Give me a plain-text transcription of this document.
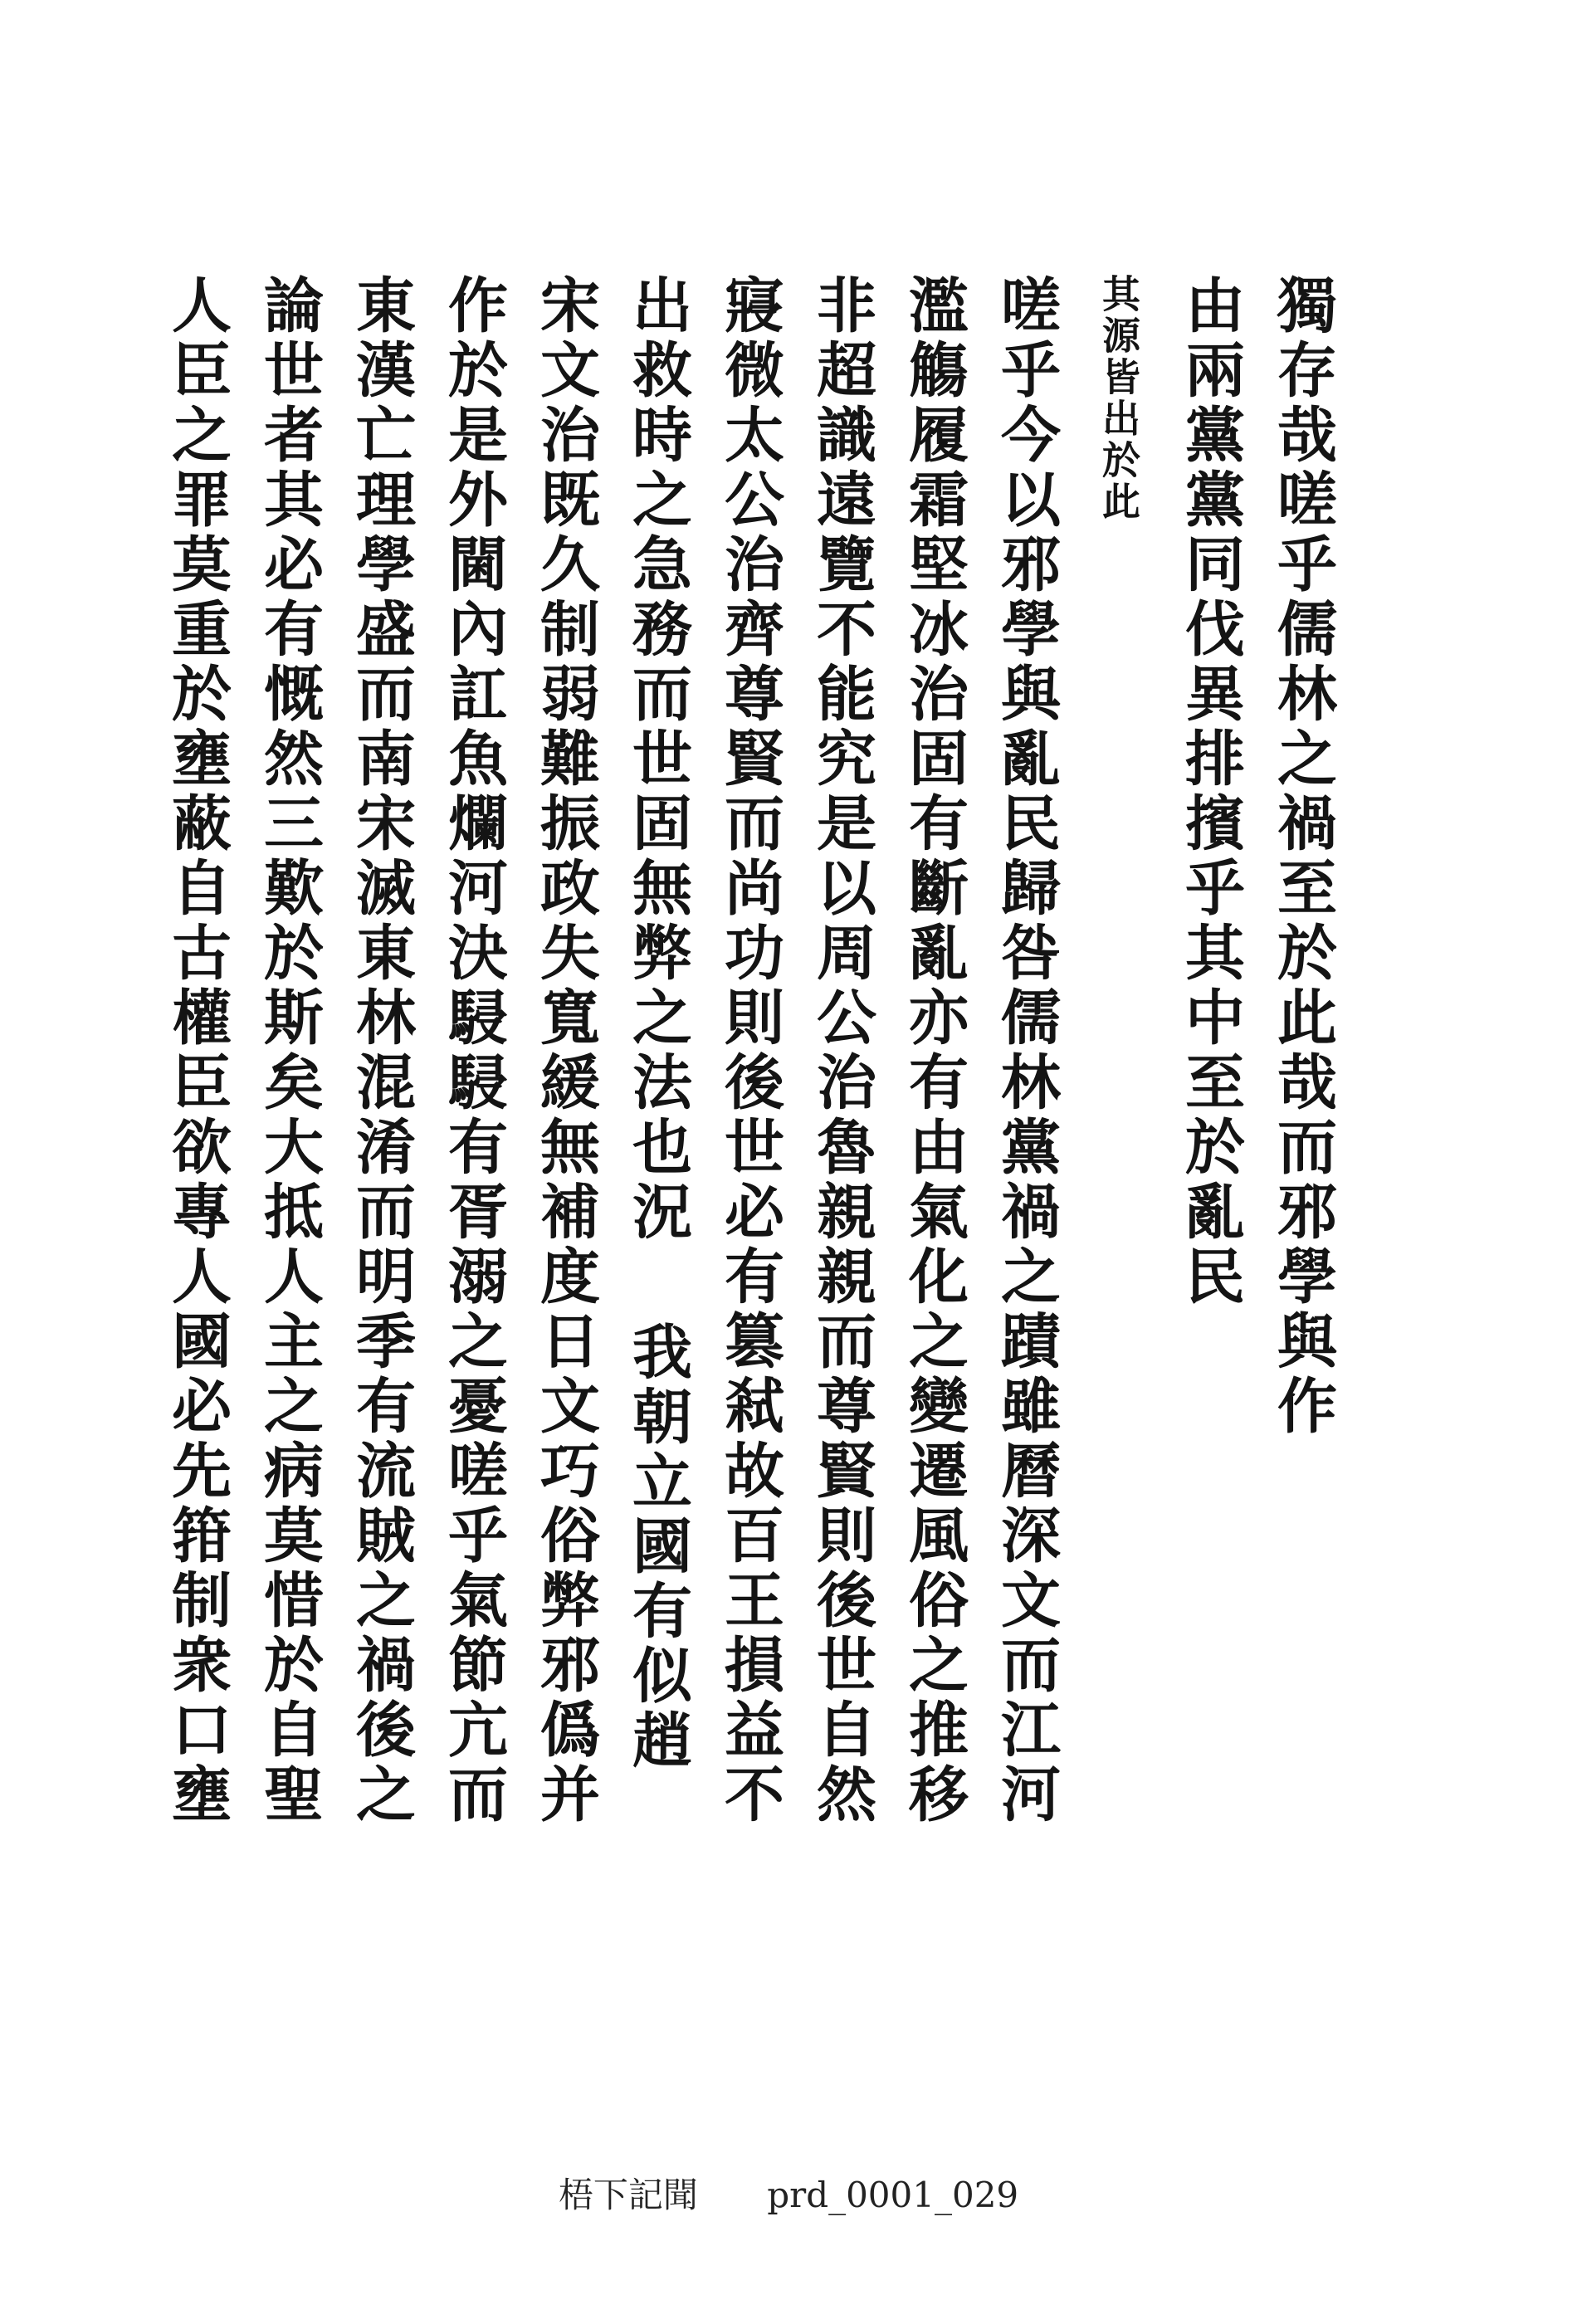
獨存哉嗟乎儒林之禍至於此哉而邪學與作
由兩黨黨同伐異排擯乎其中至於亂民
其源皆出於此
嗟乎今以邪學與亂民歸咎儒林黨禍之蹟雖曆深文而江河
濫觴履霜堅冰治固有斷亂亦有由氣化之變遷風俗之推移
非超識遠覽不能究是以周公治魯親親而尊賢則後世自然
寢微太公治齊尊賢而尚功則後世必有篡弒故百王損益不
出救時之急務而世固無弊之法也況 我朝立國有似趙
宋文治既久制弱難振政失寬緩無補度日文巧俗弊邪僞并
作於是外閫內訌魚爛河決駸駸有胥溺之憂嗟乎氣節亢而
東漢亡理學盛而南宋滅東林混淆而明季有流賊之禍後之
論世者其必有慨然三歎於斯矣大抵人主之病莫惜於自聖
人臣之罪莫重於壅蔽自古權臣欲專人國必先箝制衆口壅
梧下記聞 prd_0001_029
